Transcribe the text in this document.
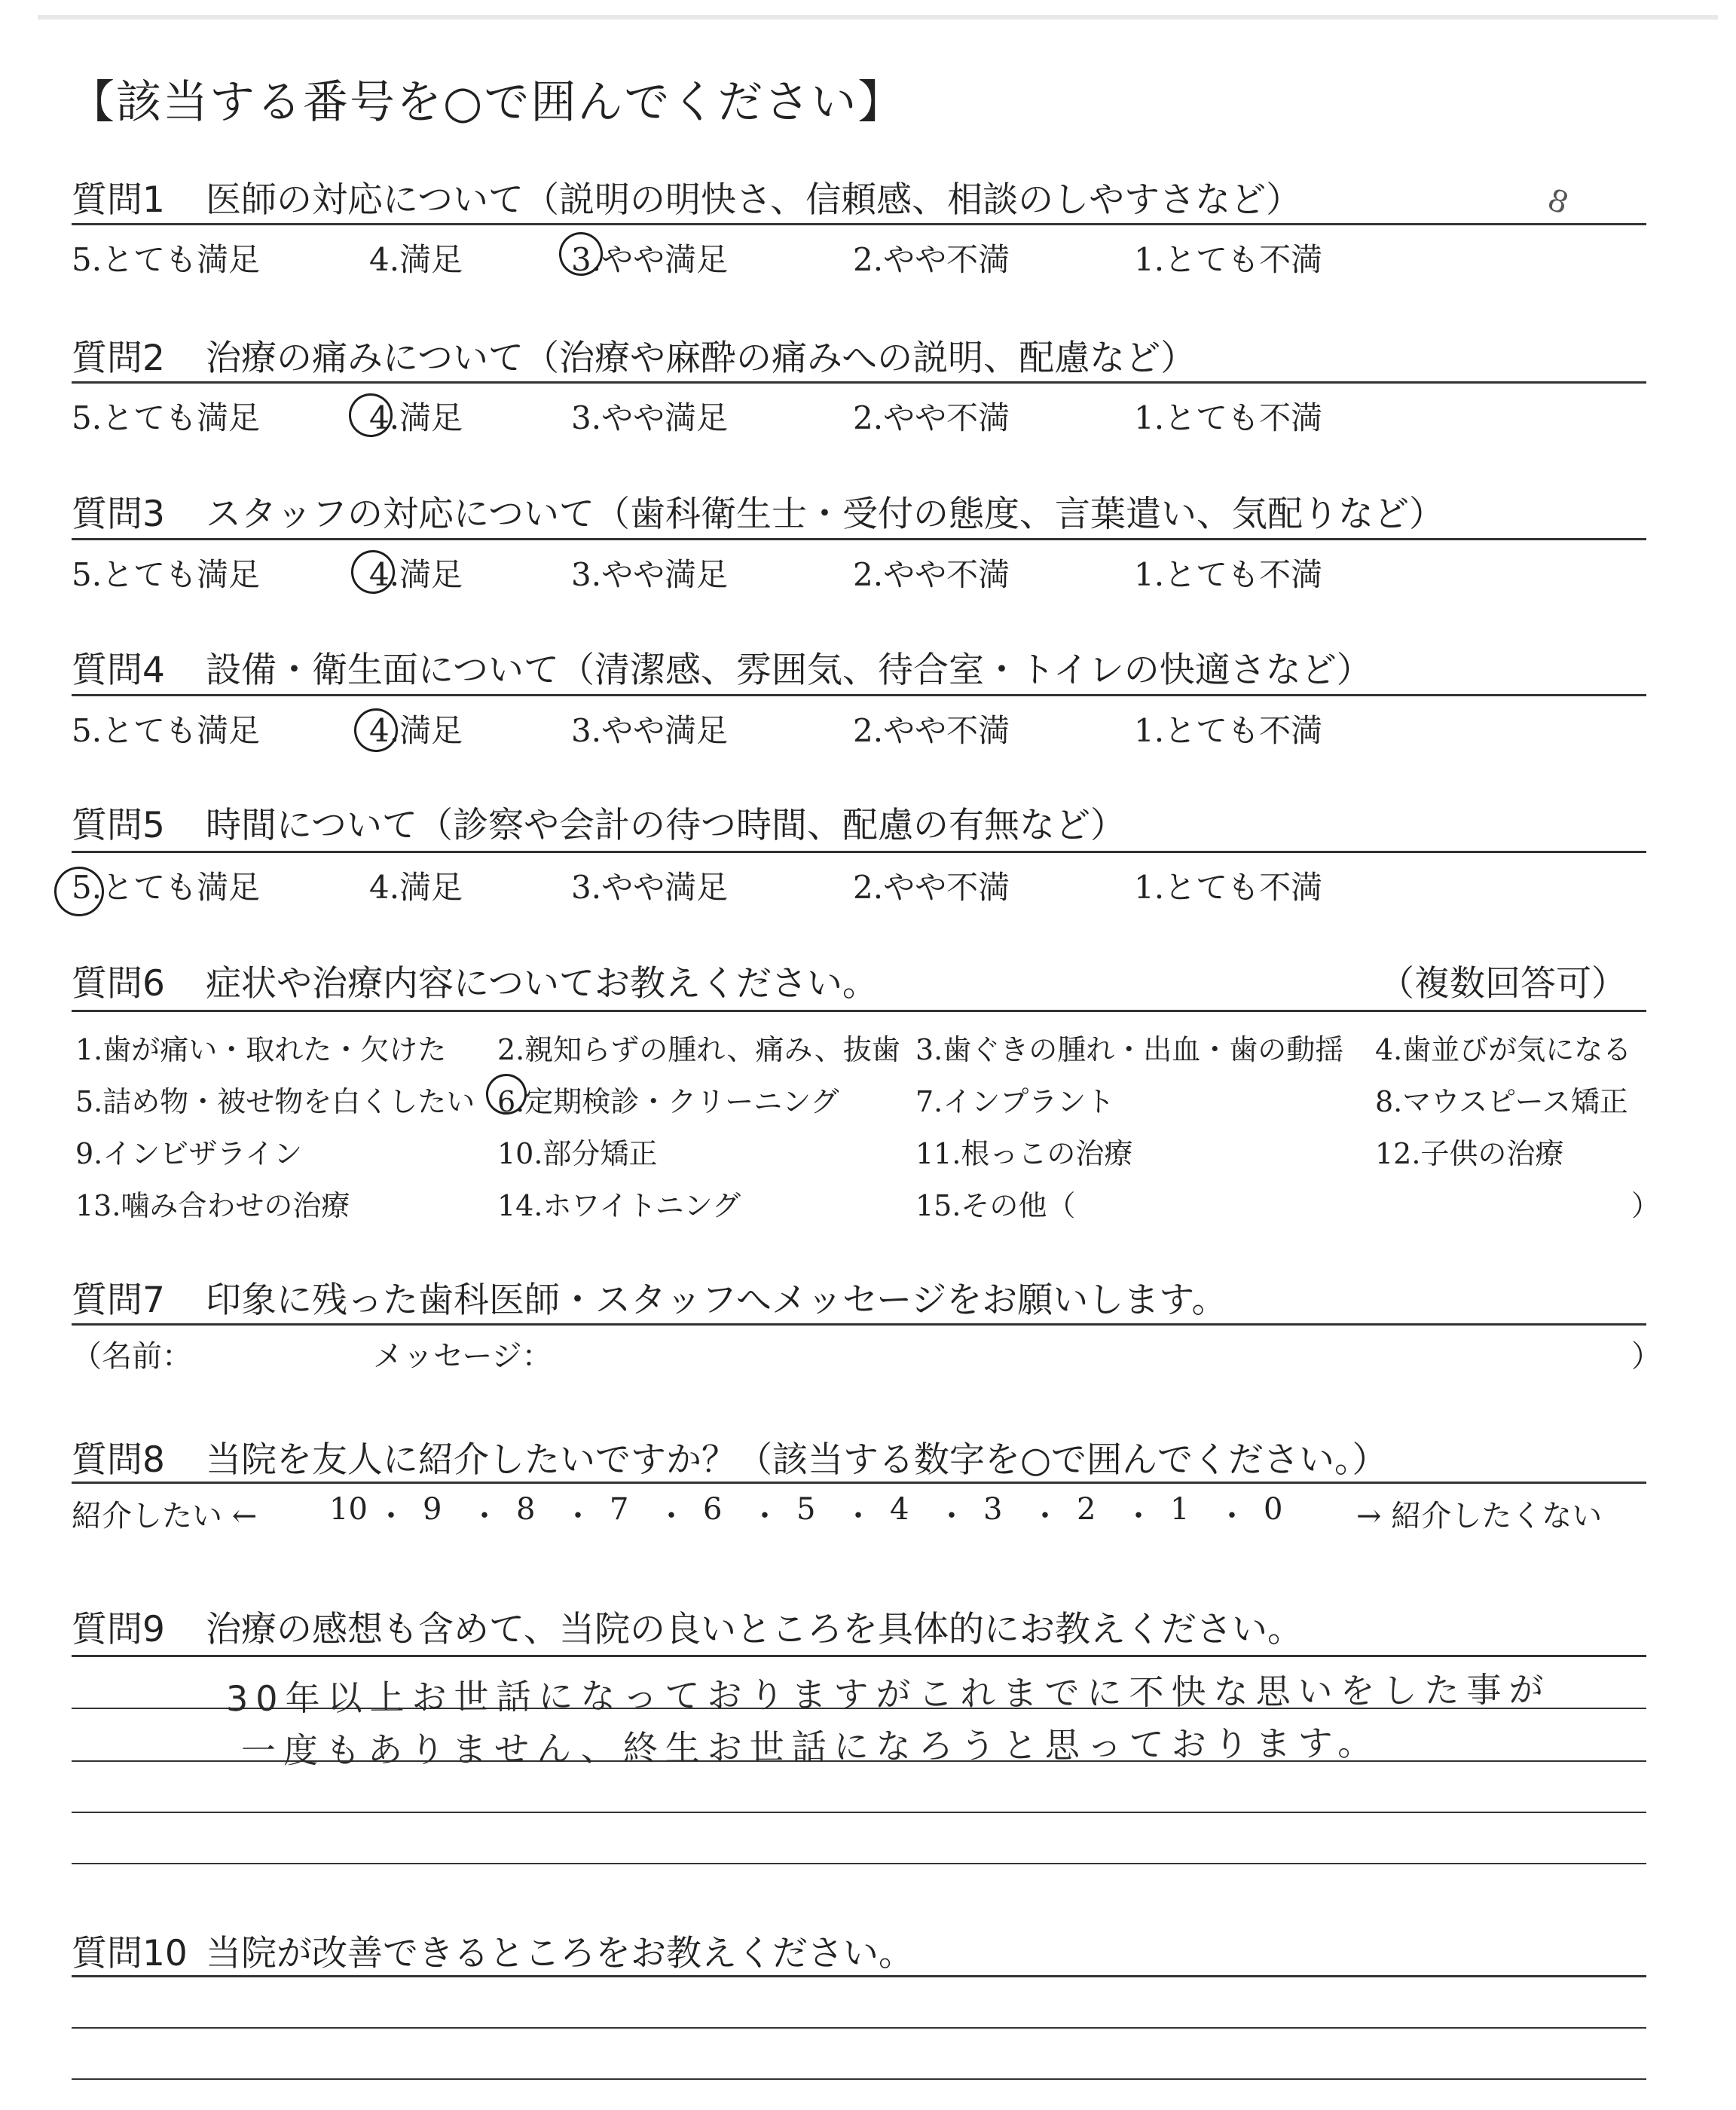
【該当する番号を○で囲んでください】
8
質問1 医師の対応について（説明の明快さ、信頼感、相談のしやすさなど）
5.とても満足	4.満足	3.やや満足	2.やや不満	1.とても不満
質問2 治療の痛みについて（治療や麻酔の痛みへの説明、配慮など）
5.とても満足	4.満足	3.やや満足	2.やや不満	1.とても不満
質問3 スタッフの対応について（歯科衛生士・受付の態度、言葉遣い、気配りなど）
5.とても満足	4.満足	3.やや満足	2.やや不満	1.とても不満
質問4 設備・衛生面について（清潔感、雰囲気、待合室・トイレの快適さなど）
5.とても満足	4.満足	3.やや満足	2.やや不満	1.とても不満
質問5 時間について（診察や会計の待つ時間、配慮の有無など）
5.とても満足	4.満足	3.やや満足	2.やや不満	1.とても不満
質問6 症状や治療内容についてお教えください。	（複数回答可）
1.歯が痛い・取れた・欠けた 2.親知らずの腫れ、痛み、抜歯 3.歯ぐきの腫れ・出血・歯の動揺 4.歯並びが気になる
5.詰め物・被せ物を白くしたい 6.定期検診・クリーニング	7.インプラント	8.マウスピース矯正
9.インビザライン	10.部分矯正	11.根っこの治療	12.子供の治療
13.噛み合わせの治療	14.ホワイトニング	15.その他（	）
質問7 印象に残った歯科医師・スタッフへメッセージをお願いします。
（名前：	メッセージ：	）
質問8 当院を友人に紹介したいですか？（該当する数字を○で囲んでください。）
紹介したい ←	→ 紹介したくない
10 ・ 9 ・ 8 ・ 7 ・ 6 ・ 5 ・ 4 ・ 3 ・ 2 ・ 1 ・ 0
質問9 治療の感想も含めて、当院の良いところを具体的にお教えください。
30年以上お世話になっておりますがこれまでに不快な思いをした事が
一度もありません、終生お世話になろうと思っております。
質問10 当院が改善できるところをお教えください。
